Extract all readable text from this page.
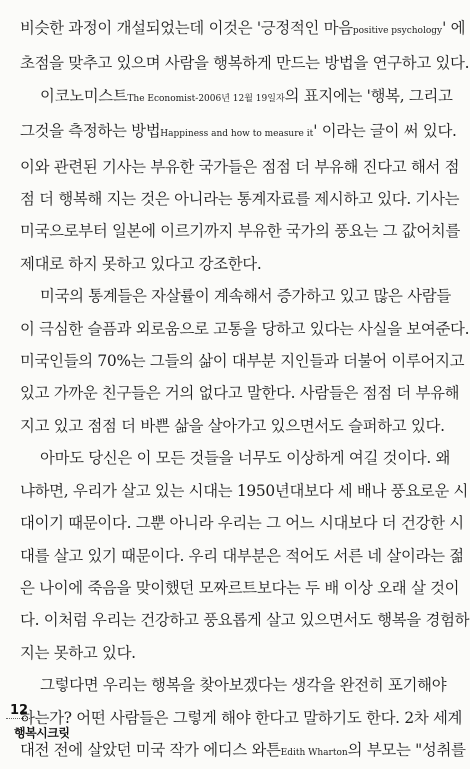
비슷한 과정이 개설되었는데 이것은 '긍정적인 마음positive psychology' 에
초점을 맞추고 있으며 사람을 행복하게 만드는 방법을 연구하고 있다.

이코노미스트The Economist-2006년 12월 19일자의 표지에는 '행복, 그리고
그것을 측정하는 방법Happiness and how to measure it' 이라는 글이 써 있다.
이와 관련된 기사는 부유한 국가들은 점점 더 부유해 진다고 해서 점
점 더 행복해 지는 것은 아니라는 통계자료를 제시하고 있다. 기사는
미국으로부터 일본에 이르기까지 부유한 국가의 풍요는 그 값어치를
제대로 하지 못하고 있다고 강조한다.

미국의 통계들은 자살률이 계속해서 증가하고 있고 많은 사람들
이 극심한 슬픔과 외로움으로 고통을 당하고 있다는 사실을 보여준다.
미국인들의 70%는 그들의 삶이 대부분 지인들과 더불어 이루어지고
있고 가까운 친구들은 거의 없다고 말한다. 사람들은 점점 더 부유해
지고 있고 점점 더 바쁜 삶을 살아가고 있으면서도 슬퍼하고 있다.

아마도 당신은 이 모든 것들을 너무도 이상하게 여길 것이다. 왜
냐하면, 우리가 살고 있는 시대는 1950년대보다 세 배나 풍요로운 시
대이기 때문이다. 그뿐 아니라 우리는 그 어느 시대보다 더 건강한 시
대를 살고 있기 때문이다. 우리 대부분은 적어도 서른 네 살이라는 젊
은 나이에 죽음을 맞이했던 모짜르트보다는 두 배 이상 오래 살 것이
다. 이처럼 우리는 건강하고 풍요롭게 살고 있으면서도 행복을 경험하
지는 못하고 있다.

그렇다면 우리는 행복을 찾아보겠다는 생각을 완전히 포기해야
하는가? 어떤 사람들은 그렇게 해야 한다고 말하기도 한다. 2차 세계
대전 전에 살았던 미국 작가 에디스 와튼Edith Wharton의 부모는 "성취를

12
행복시크릿
